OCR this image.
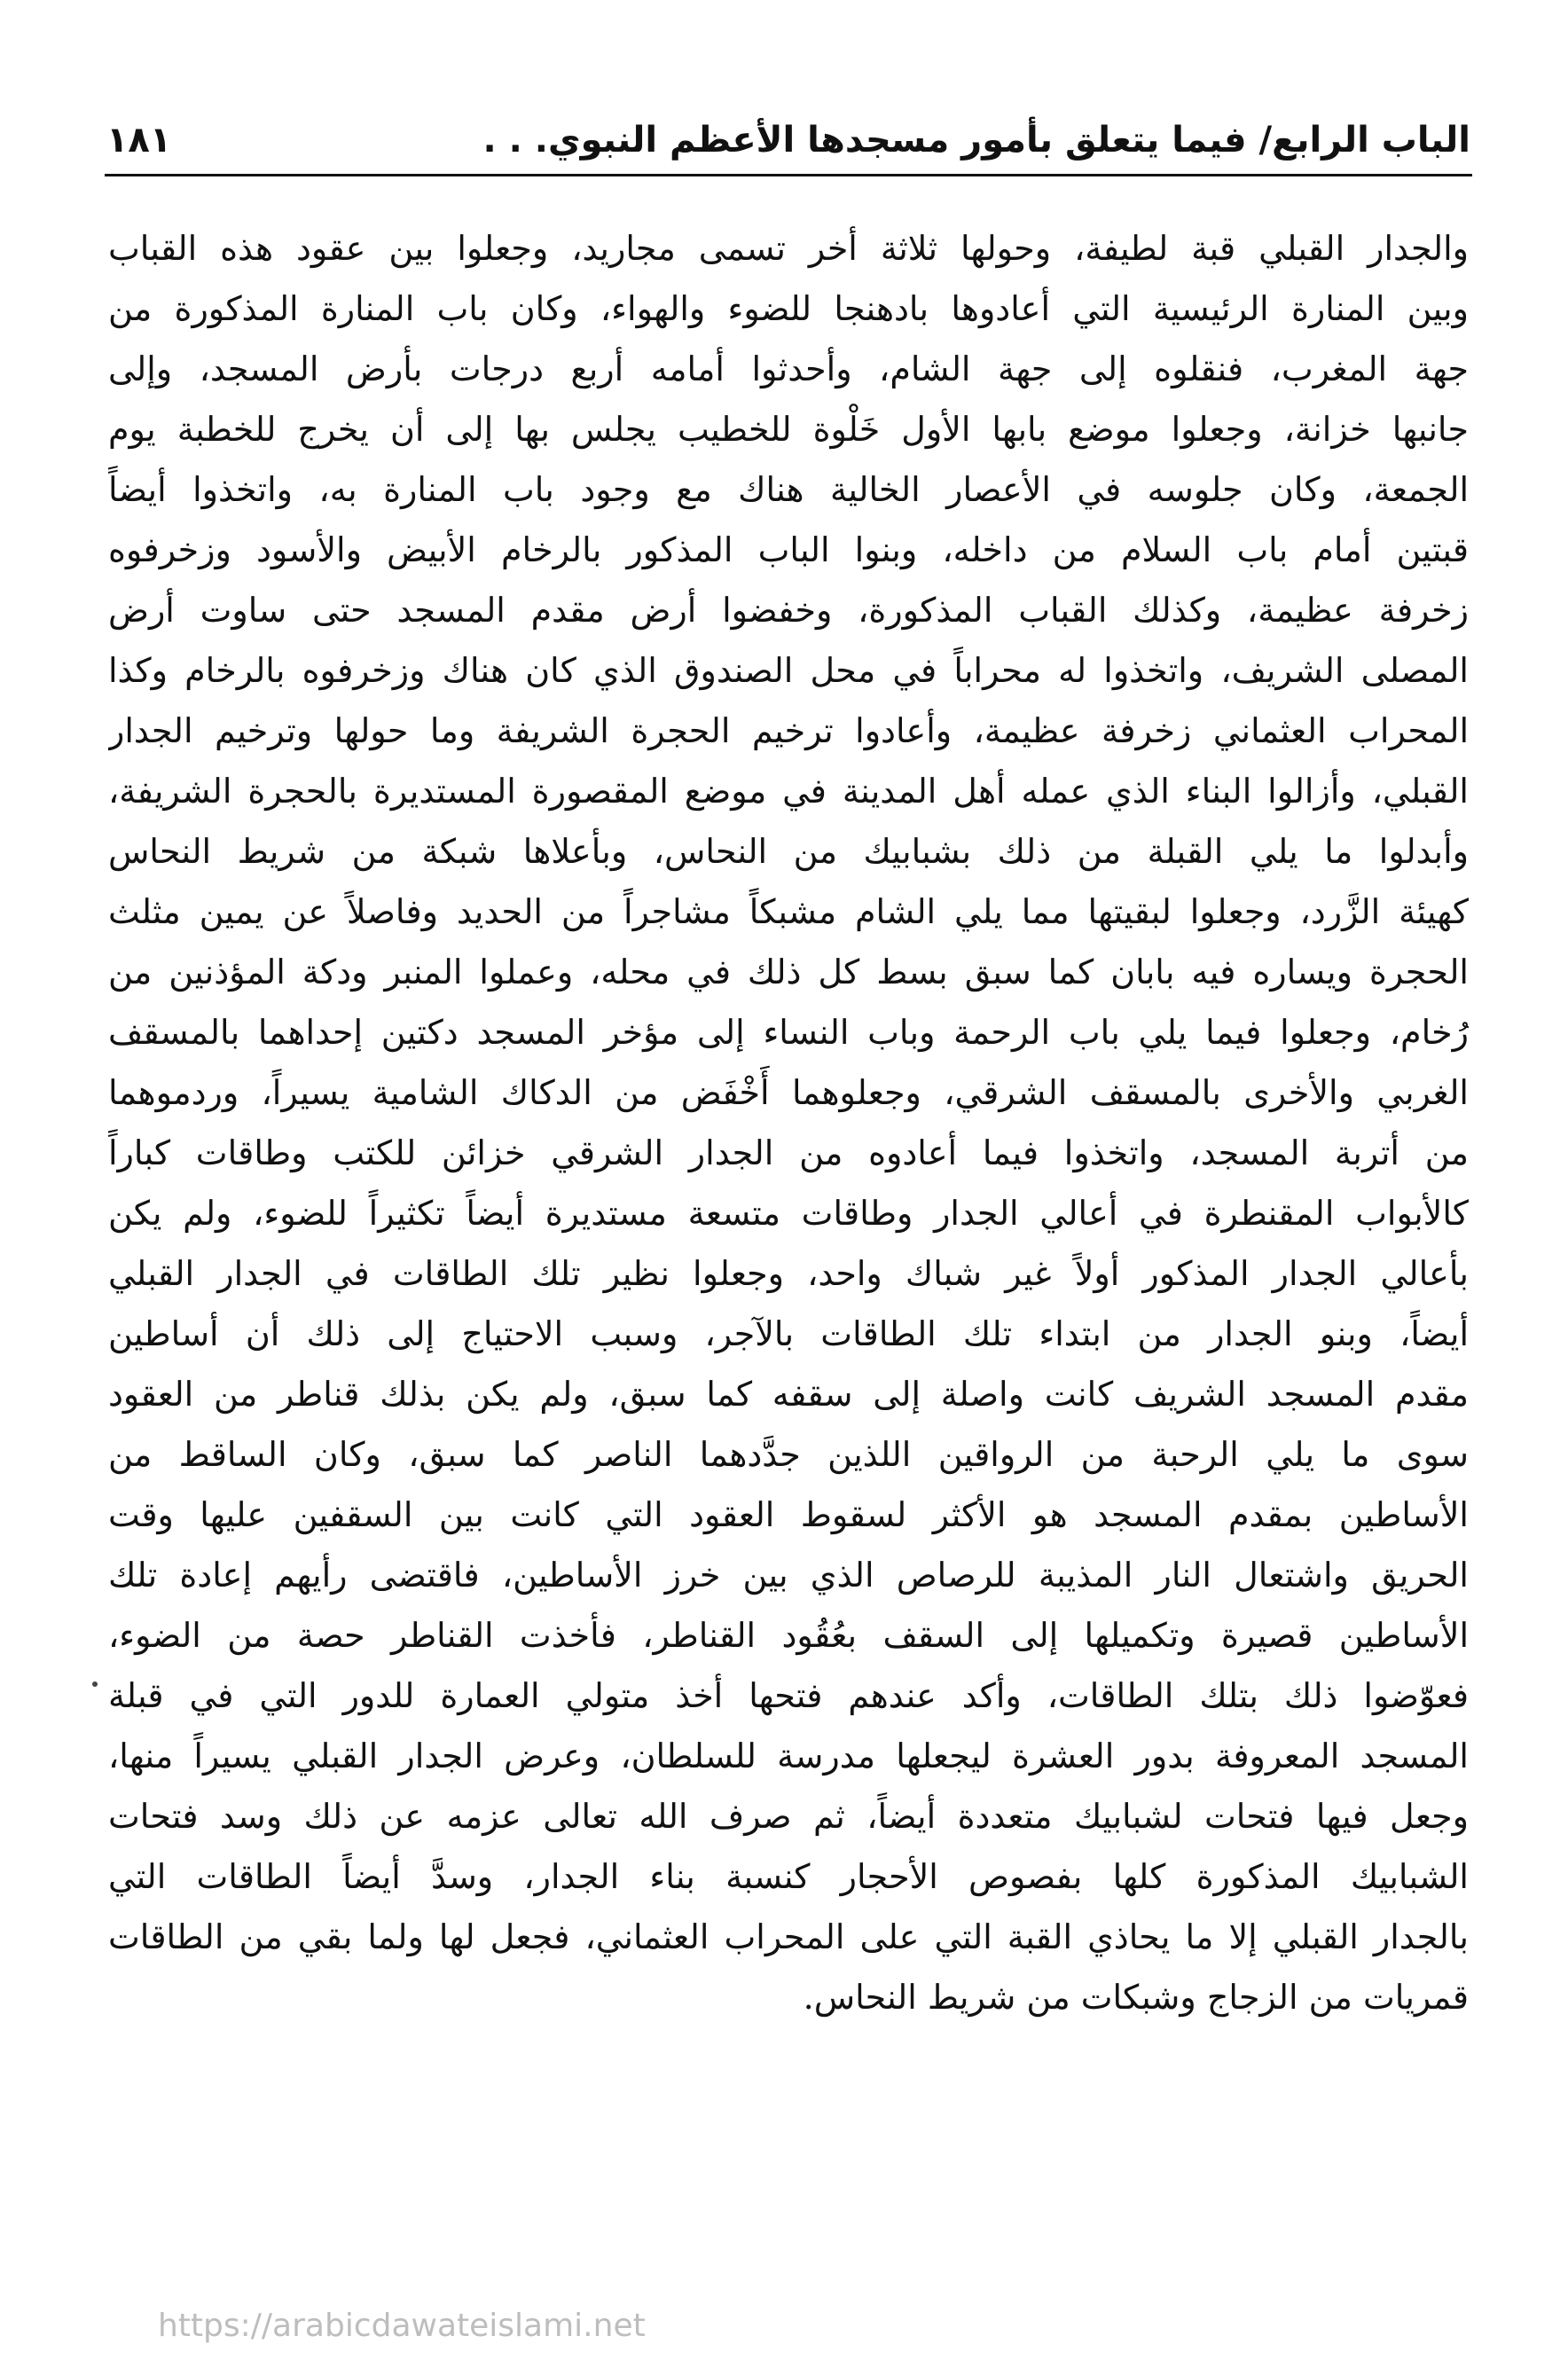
الباب الرابع/ فيما يتعلق بأمور مسجدها الأعظم النبوي. . .
١٨١
والجدار القبلي قبة لطيفة، وحولها ثلاثة أخر تسمى مجاريد، وجعلوا بين عقود هذه القباب
وبين المنارة الرئيسية التي أعادوها بادهنجا للضوء والهواء، وكان باب المنارة المذكورة من
جهة المغرب، فنقلوه إلى جهة الشام، وأحدثوا أمامه أربع درجات بأرض المسجد، وإلى
جانبها خزانة، وجعلوا موضع بابها الأول خَلْوة للخطيب يجلس بها إلى أن يخرج للخطبة يوم
الجمعة، وكان جلوسه في الأعصار الخالية هناك مع وجود باب المنارة به، واتخذوا أيضاً
قبتين أمام باب السلام من داخله، وبنوا الباب المذكور بالرخام الأبيض والأسود وزخرفوه
زخرفة عظيمة، وكذلك القباب المذكورة، وخفضوا أرض مقدم المسجد حتى ساوت أرض
المصلى الشريف، واتخذوا له محراباً في محل الصندوق الذي كان هناك وزخرفوه بالرخام وكذا
المحراب العثماني زخرفة عظيمة، وأعادوا ترخيم الحجرة الشريفة وما حولها وترخيم الجدار
القبلي، وأزالوا البناء الذي عمله أهل المدينة في موضع المقصورة المستديرة بالحجرة الشريفة،
وأبدلوا ما يلي القبلة من ذلك بشبابيك من النحاس، وبأعلاها شبكة من شريط النحاس
كهيئة الزَّرد، وجعلوا لبقيتها مما يلي الشام مشبكاً مشاجراً من الحديد وفاصلاً عن يمين مثلث
الحجرة ويساره فيه بابان كما سبق بسط كل ذلك في محله، وعملوا المنبر ودكة المؤذنين من
رُخام، وجعلوا فيما يلي باب الرحمة وباب النساء إلى مؤخر المسجد دكتين إحداهما بالمسقف
الغربي والأخرى بالمسقف الشرقي، وجعلوهما أَخْفَض من الدكاك الشامية يسيراً، وردموهما
من أتربة المسجد، واتخذوا فيما أعادوه من الجدار الشرقي خزائن للكتب وطاقات كباراً
كالأبواب المقنطرة في أعالي الجدار وطاقات متسعة مستديرة أيضاً تكثيراً للضوء، ولم يكن
بأعالي الجدار المذكور أولاً غير شباك واحد، وجعلوا نظير تلك الطاقات في الجدار القبلي
أيضاً، وبنو الجدار من ابتداء تلك الطاقات بالآجر، وسبب الاحتياج إلى ذلك أن أساطين
مقدم المسجد الشريف كانت واصلة إلى سقفه كما سبق، ولم يكن بذلك قناطر من العقود
سوى ما يلي الرحبة من الرواقين اللذين جدَّدهما الناصر كما سبق، وكان الساقط من
الأساطين بمقدم المسجد هو الأكثر لسقوط العقود التي كانت بين السقفين عليها وقت
الحريق واشتعال النار المذيبة للرصاص الذي بين خرز الأساطين، فاقتضى رأيهم إعادة تلك
الأساطين قصيرة وتكميلها إلى السقف بعُقُود القناطر، فأخذت القناطر حصة من الضوء،
فعوّضوا ذلك بتلك الطاقات، وأكد عندهم فتحها أخذ متولي العمارة للدور التي في قبلة
المسجد المعروفة بدور العشرة ليجعلها مدرسة للسلطان، وعرض الجدار القبلي يسيراً منها،
وجعل فيها فتحات لشبابيك متعددة أيضاً، ثم صرف الله تعالى عزمه عن ذلك وسد فتحات
الشبابيك المذكورة كلها بفصوص الأحجار كنسبة بناء الجدار، وسدَّ أيضاً الطاقات التي
بالجدار القبلي إلا ما يحاذي القبة التي على المحراب العثماني، فجعل لها ولما بقي من الطاقات
قمريات من الزجاج وشبكات من شريط النحاس.
https://arabicdawateislami.net
